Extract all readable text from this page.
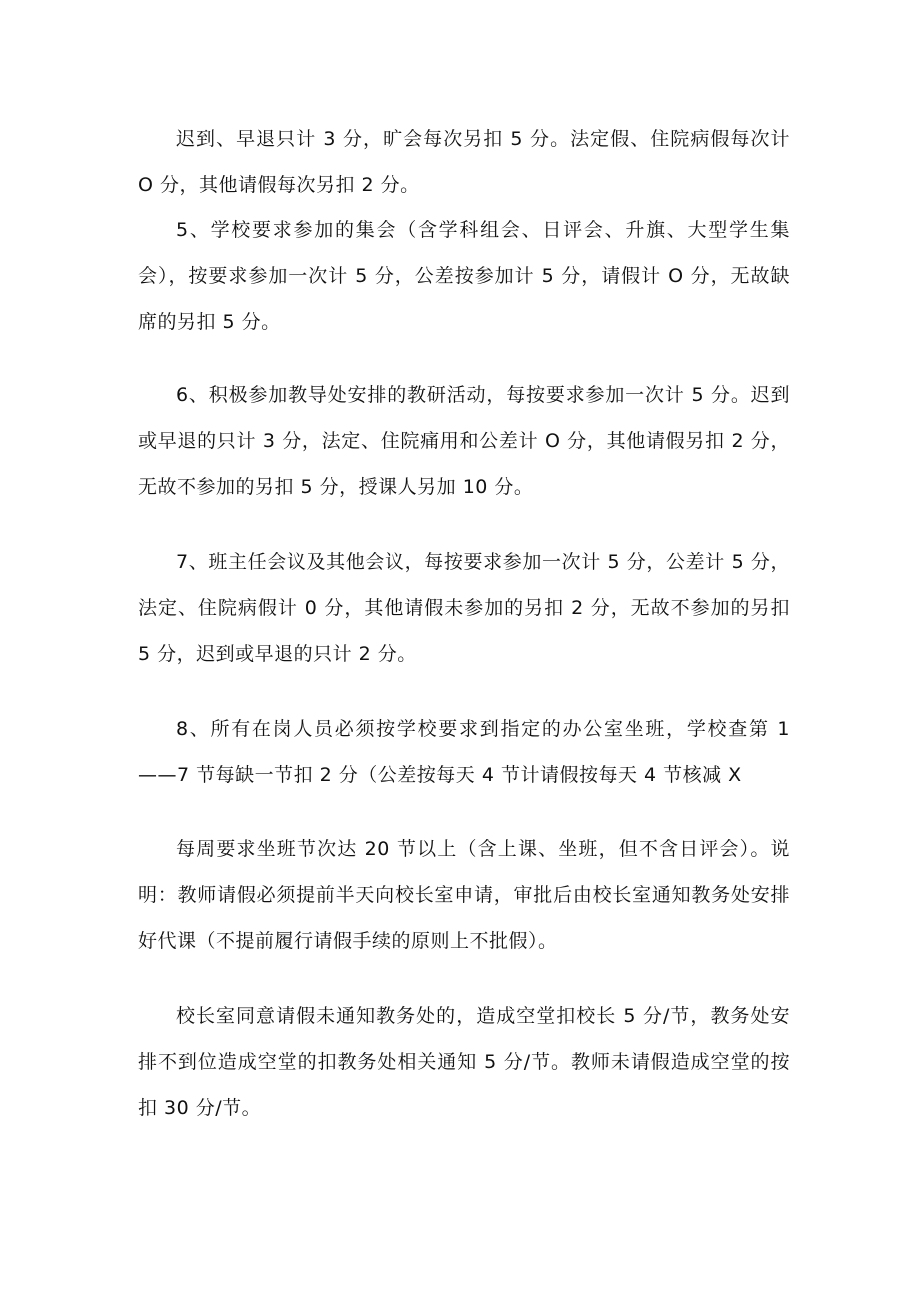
迟到、早退只计 3 分，旷会每次另扣 5 分。法定假、住院病假每次计 O 分，其他请假每次另扣 2 分。

5、学校要求参加的集会（含学科组会、日评会、升旗、大型学生集会），按要求参加一次计 5 分，公差按参加计 5 分，请假计 O 分，无故缺席的另扣 5 分。

6、积极参加教导处安排的教研活动，每按要求参加一次计 5 分。迟到或早退的只计 3 分，法定、住院痛用和公差计 O 分，其他请假另扣 2 分，无故不参加的另扣 5 分，授课人另加 10 分。

7、班主任会议及其他会议，每按要求参加一次计 5 分，公差计 5 分，法定、住院病假计 0 分，其他请假未参加的另扣 2 分，无故不参加的另扣 5 分，迟到或早退的只计 2 分。

8、所有在岗人员必须按学校要求到指定的办公室坐班，学校查第 1——7 节每缺一节扣 2 分（公差按每天 4 节计请假按每天 4 节核减 X

每周要求坐班节次达 20 节以上（含上课、坐班，但不含日评会）。说明：教师请假必须提前半天向校长室申请，审批后由校长室通知教务处安排好代课（不提前履行请假手续的原则上不批假）。

校长室同意请假未通知教务处的，造成空堂扣校长 5 分/节，教务处安排不到位造成空堂的扣教务处相关通知 5 分/节。教师未请假造成空堂的按扣 30 分/节。
